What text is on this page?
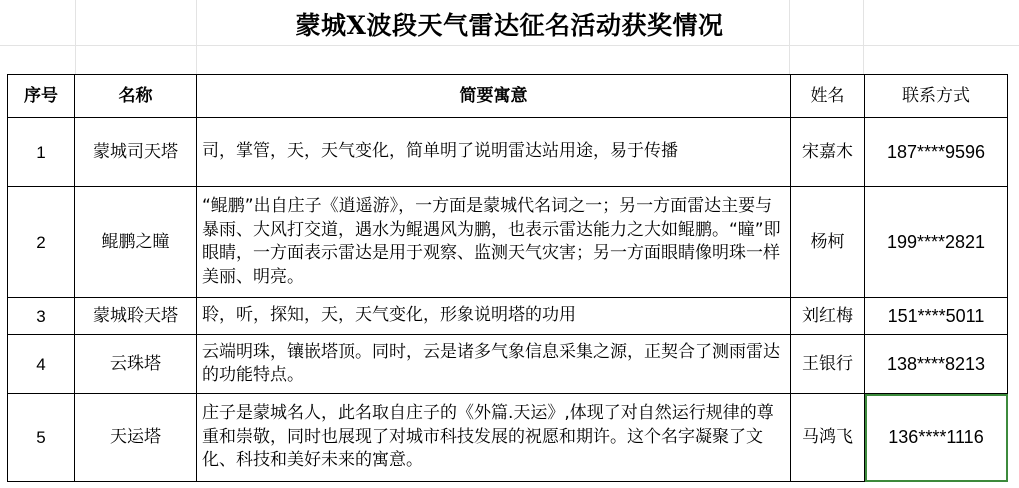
蒙城X波段天气雷达征名活动获奖情况
序号	名称	简要寓意	姓名	联系方式
1	蒙城司天塔	司，掌管，天，天气变化，简单明了说明雷达站用途，易于传播	宋嘉木	187****9596
2	鲲鹏之瞳	“鲲鹏”出自庄子《逍遥游》，一方面是蒙城代名词之一；另一方面雷达主要与暴雨、大风打交道，遇水为鲲遇风为鹏，也表示雷达能力之大如鲲鹏。“瞳”即眼睛，一方面表示雷达是用于观察、监测天气灾害；另一方面眼睛像明珠一样美丽、明亮。	杨柯	199****2821
3	蒙城聆天塔	聆，听，探知，天，天气变化，形象说明塔的功用	刘红梅	151****5011
4	云珠塔	云端明珠，镶嵌塔顶。同时，云是诸多气象信息采集之源，正契合了测雨雷达的功能特点。	王银行	138****8213
5	天运塔	庄子是蒙城名人，此名取自庄子的《外篇.天运》,体现了对自然运行规律的尊重和崇敬，同时也展现了对城市科技发展的祝愿和期许。这个名字凝聚了文化、科技和美好未来的寓意。	马鸿飞	136****1116
